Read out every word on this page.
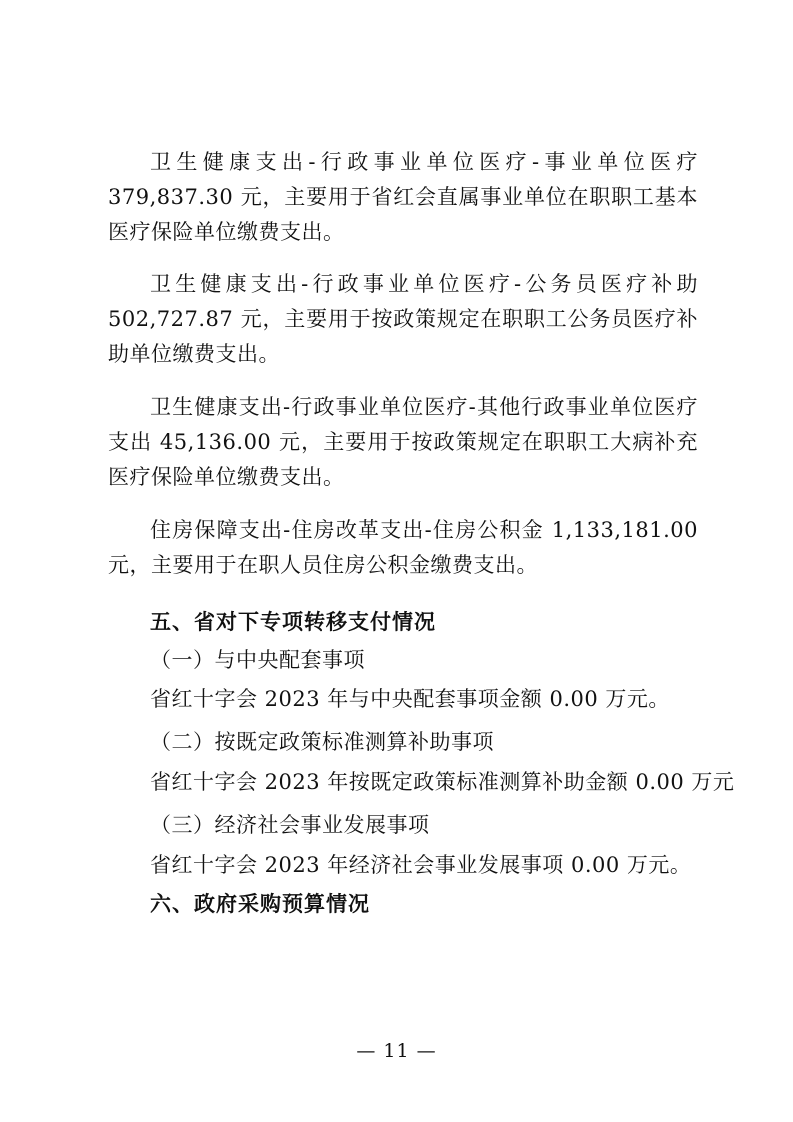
卫生健康支出-行政事业单位医疗-事业单位医疗 379,837.30 元，主要用于省红会直属事业单位在职职工基本医疗保险单位缴费支出。

卫生健康支出-行政事业单位医疗-公务员医疗补助 502,727.87 元，主要用于按政策规定在职职工公务员医疗补助单位缴费支出。

卫生健康支出-行政事业单位医疗-其他行政事业单位医疗支出 45,136.00 元，主要用于按政策规定在职职工大病补充医疗保险单位缴费支出。

住房保障支出-住房改革支出-住房公积金 1,133,181.00 元，主要用于在职人员住房公积金缴费支出。

五、省对下专项转移支付情况

（一）与中央配套事项

省红十字会 2023 年与中央配套事项金额 0.00 万元。

（二）按既定政策标准测算补助事项

省红十字会 2023 年按既定政策标准测算补助金额 0.00 万元

（三）经济社会事业发展事项

省红十字会 2023 年经济社会事业发展事项 0.00 万元。

六、政府采购预算情况

— 11 —
